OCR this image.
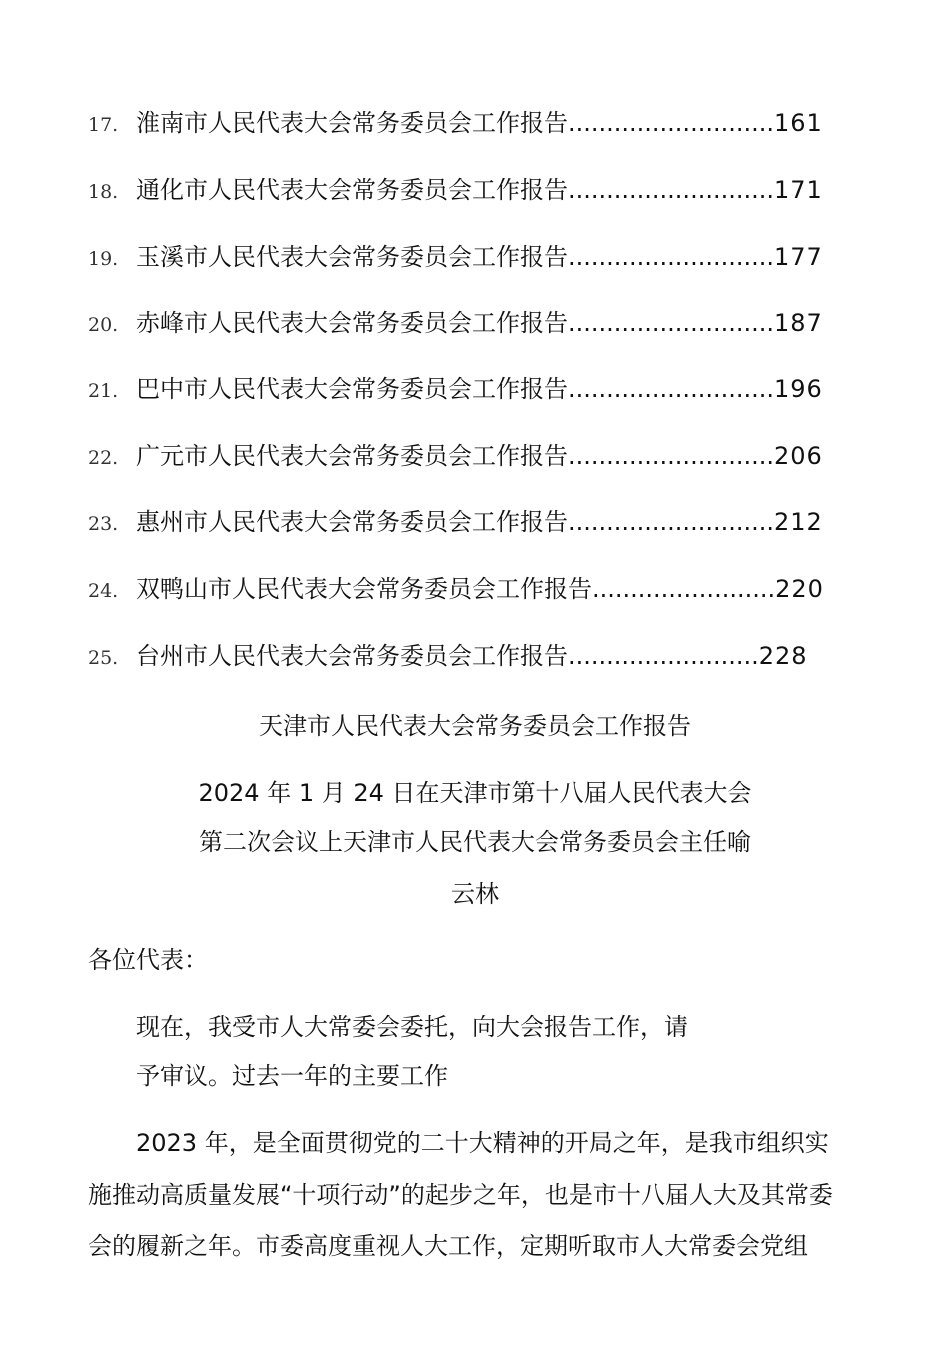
17. 淮南市人民代表大会常务委员会工作报告 ........................... 161
18. 通化市人民代表大会常务委员会工作报告 ........................... 171
19. 玉溪市人民代表大会常务委员会工作报告 ........................... 177
20. 赤峰市人民代表大会常务委员会工作报告 ........................... 187
21. 巴中市人民代表大会常务委员会工作报告 ........................... 196
22. 广元市人民代表大会常务委员会工作报告 ........................... 206
23. 惠州市人民代表大会常务委员会工作报告 ........................... 212
24. 双鸭山市人民代表大会常务委员会工作报告 ........................ 220
25. 台州市人民代表大会常务委员会工作报告 ......................... 228
天津市人民代表大会常务委员会工作报告
2024 年 1 月 24 日在天津市第十八届人民代表大会
第二次会议上天津市人民代表大会常务委员会主任喻
云林
各位代表：
现在，我受市人大常委会委托，向大会报告工作，请
予审议。过去一年的主要工作
2023 年，是全面贯彻党的二十大精神的开局之年，是我市组织实
施推动高质量发展“十项行动”的起步之年，也是市十八届人大及其常委
会的履新之年。市委高度重视人大工作，定期听取市人大常委会党组
